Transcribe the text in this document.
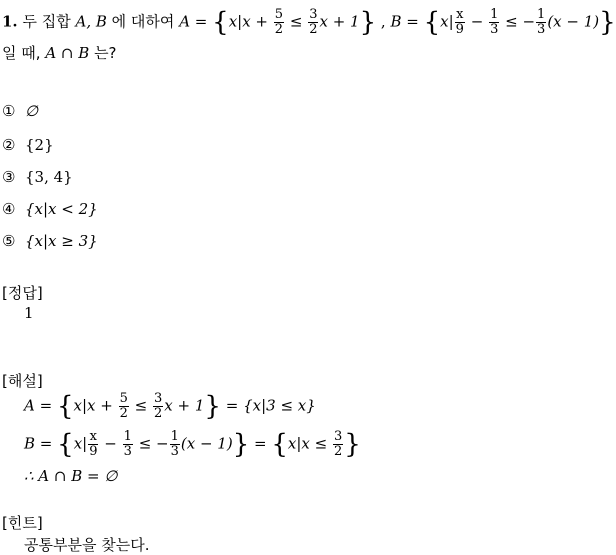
1. 두 집합 A, B 에 대하여 $A = \{x|x + \frac{5}{2} \le \frac{3}{2}$ x + 1} , $B = \{x| \frac{x}{9} - \frac{1}{3}$ ≤ − $\frac{1}{3} (x - 1)$}
일 때, A ∩ B 는?
① ∅
② {2}
③ {3, 4}
④ {x|x < 2}
⑤ {x|x ≥ 3}
[정답]
1
[해설]
$A = \{x|x + \frac{5}{2} \le \frac{3}{2}$ x + 1} = {x|3 ≤ x}
$B = \{x| \frac{x}{9} - \frac{1}{3}$ ≤ − $\frac{1}{3} (x - 1)\} = \{x|x \le \frac{3}{2}$ }
∴ A ∩ B = ∅
[힌트]
공통부분을 찾는다.
